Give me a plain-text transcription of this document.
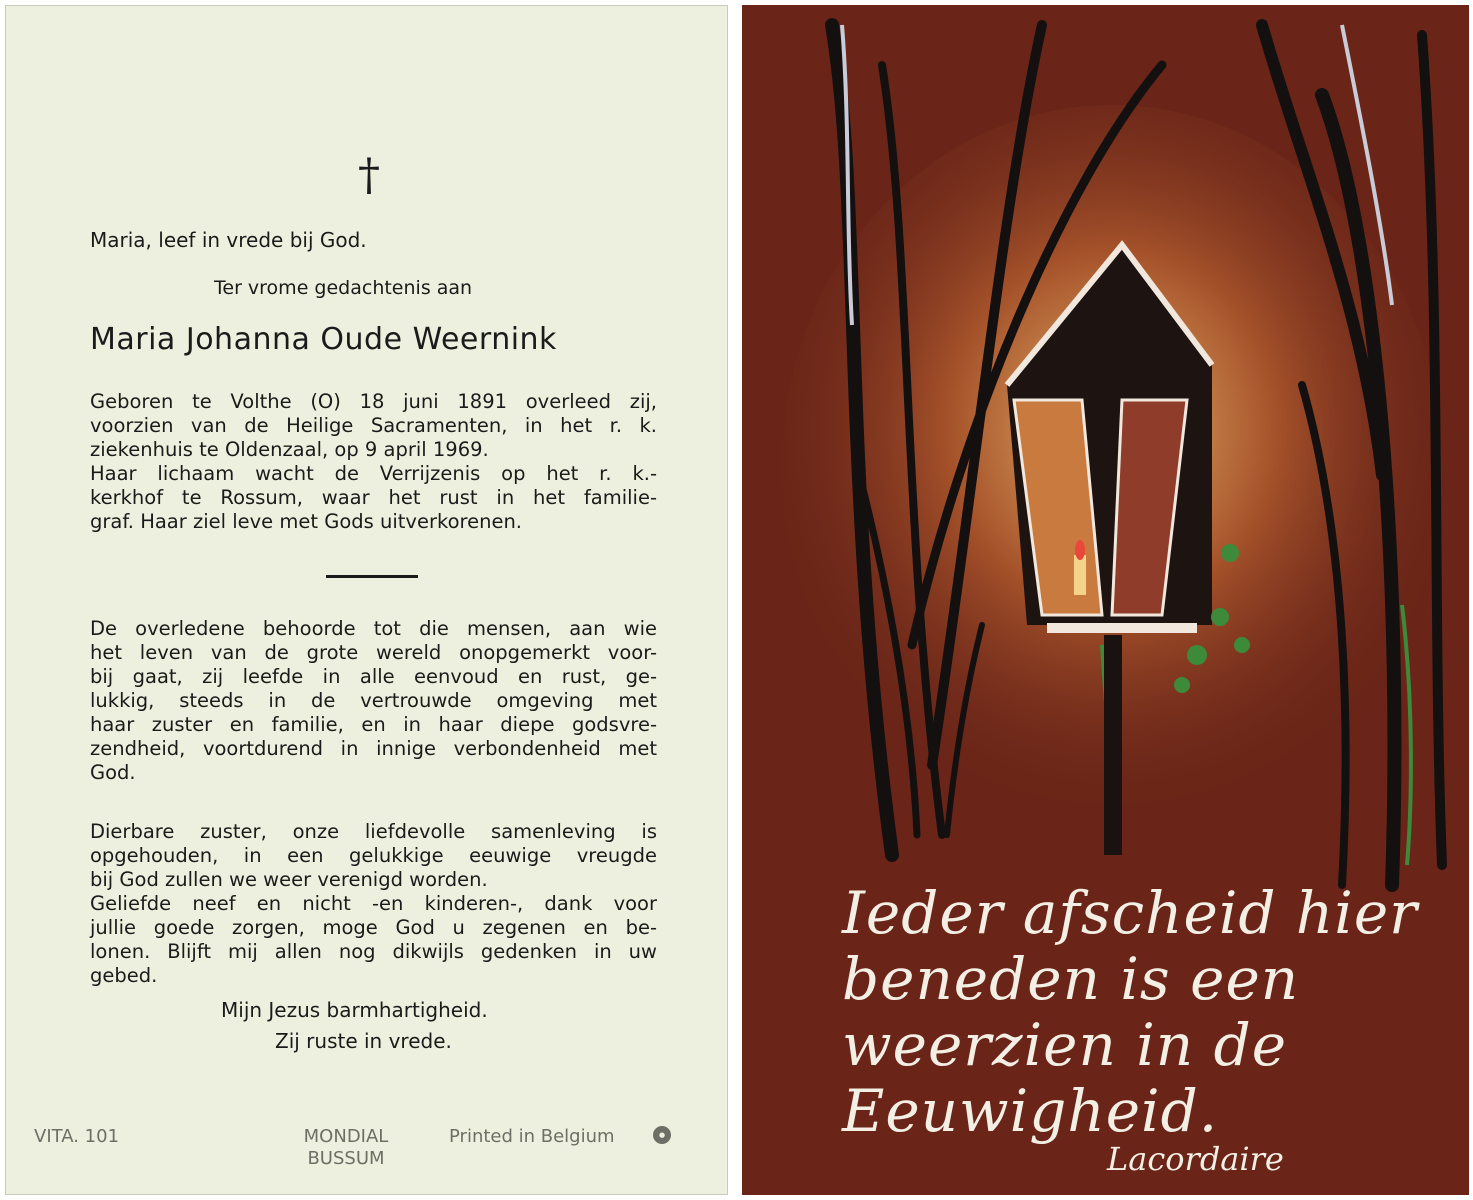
†
Maria, leef in vrede bij God.
Ter vrome gedachtenis aan
Maria Johanna Oude Weernink
Geboren te Volthe (O) 18 juni 1891 overleed zij,
voorzien van de Heilige Sacramenten, in het r. k.
ziekenhuis te Oldenzaal, op 9 april 1969.
Haar lichaam wacht de Verrijzenis op het r. k.-
kerkhof te Rossum, waar het rust in het familie-
graf. Haar ziel leve met Gods uitverkorenen.
De overledene behoorde tot die mensen, aan wie
het leven van de grote wereld onopgemerkt voor-
bij gaat, zij leefde in alle eenvoud en rust, ge-
lukkig, steeds in de vertrouwde omgeving met
haar zuster en familie, en in haar diepe godsvre-
zendheid, voortdurend in innige verbondenheid met
God.
Dierbare zuster, onze liefdevolle samenleving is
opgehouden, in een gelukkige eeuwige vreugde
bij God zullen we weer verenigd worden.
Geliefde neef en nicht -en kinderen-, dank voor
jullie goede zorgen, moge God u zegenen en be-
lonen. Blijft mij allen nog dikwijls gedenken in uw
gebed.
Mijn Jezus barmhartigheid.
Zij ruste in vrede.
VITA. 101	MONDIAL
BUSSUM
Printed in Belgium	●
Ieder afscheid hier
beneden is een
weerzien in de
Eeuwigheid.
Lacordaire
